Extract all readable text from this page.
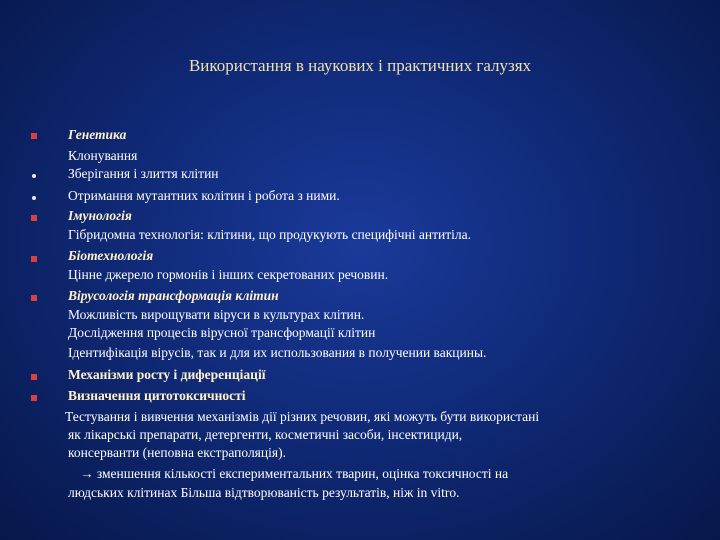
Використання в наукових і практичних галузях
Генетика
Клонування
Зберігання і злиття клітин
Отримання мутантних колітин і робота з ними.
Імунологія
Гібридомна технологія: клітини, що продукують специфічні антитіла.
Біотехнологія
Цінне джерело гормонів і інших секретованих речовин.
Вірусологія трансформація клітин
Можливість вирощувати віруси в культурах клітин.
Дослідження процесів вірусної трансформації клітин
Ідентифікація вірусів, так и для их использования в получении вакцины.
Механізми росту і диференціації
Визначення цитотоксичності
Тестування і вивчення механізмів дії різних речовин, які можуть бути використані
як лікарські препарати, детергенти, косметичні засоби, інсектициди,
консерванти (неповна екстраполяція).
→ зменшення кількості експериментальних тварин, оцінка токсичності на
людських клітинах Більша відтворюваність результатів, ніж in vitro.
